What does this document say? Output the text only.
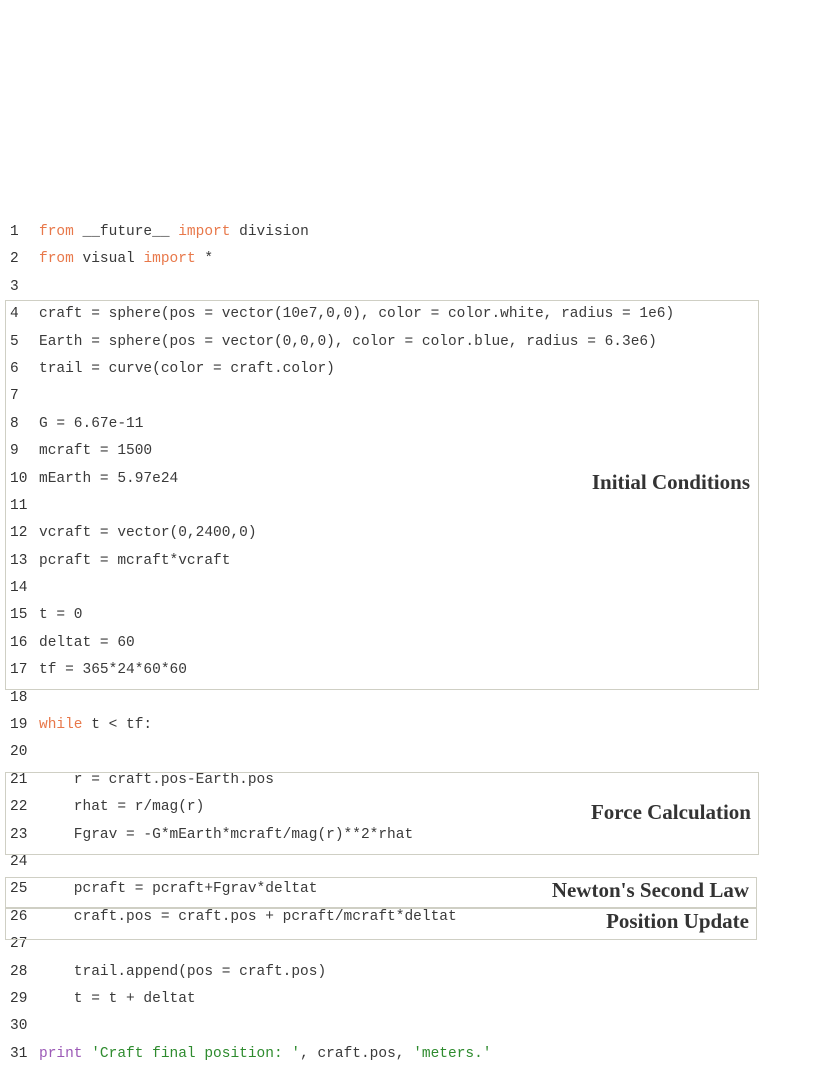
1 from __future__ import division
2 from visual import *
3
4 craft = sphere(pos = vector(10e7,0,0), color = color.white, radius = 1e6)
5 Earth = sphere(pos = vector(0,0,0), color = color.blue, radius = 6.3e6)
6 trail = curve(color = craft.color)
7
8 G = 6.67e-11
9 mcraft = 1500
10 mEarth = 5.97e24
11
12 vcraft = vector(0,2400,0)
13 pcraft = mcraft*vcraft
14
15 t = 0
16 deltat = 60
17 tf = 365*24*60*60
18
19 while t < tf:
20
21    r = craft.pos-Earth.pos
22    rhat = r/mag(r)
23    Fgrav = -G*mEarth*mcraft/mag(r)**2*rhat
24
25    pcraft = pcraft+Fgrav*deltat
26    craft.pos = craft.pos + pcraft/mcraft*deltat
27
28    trail.append(pos = craft.pos)
29    t = t + deltat
30
31 print 'Craft final position: ', craft.pos, 'meters.'
Initial Conditions
Force Calculation
Newton's Second Law
Position Update
